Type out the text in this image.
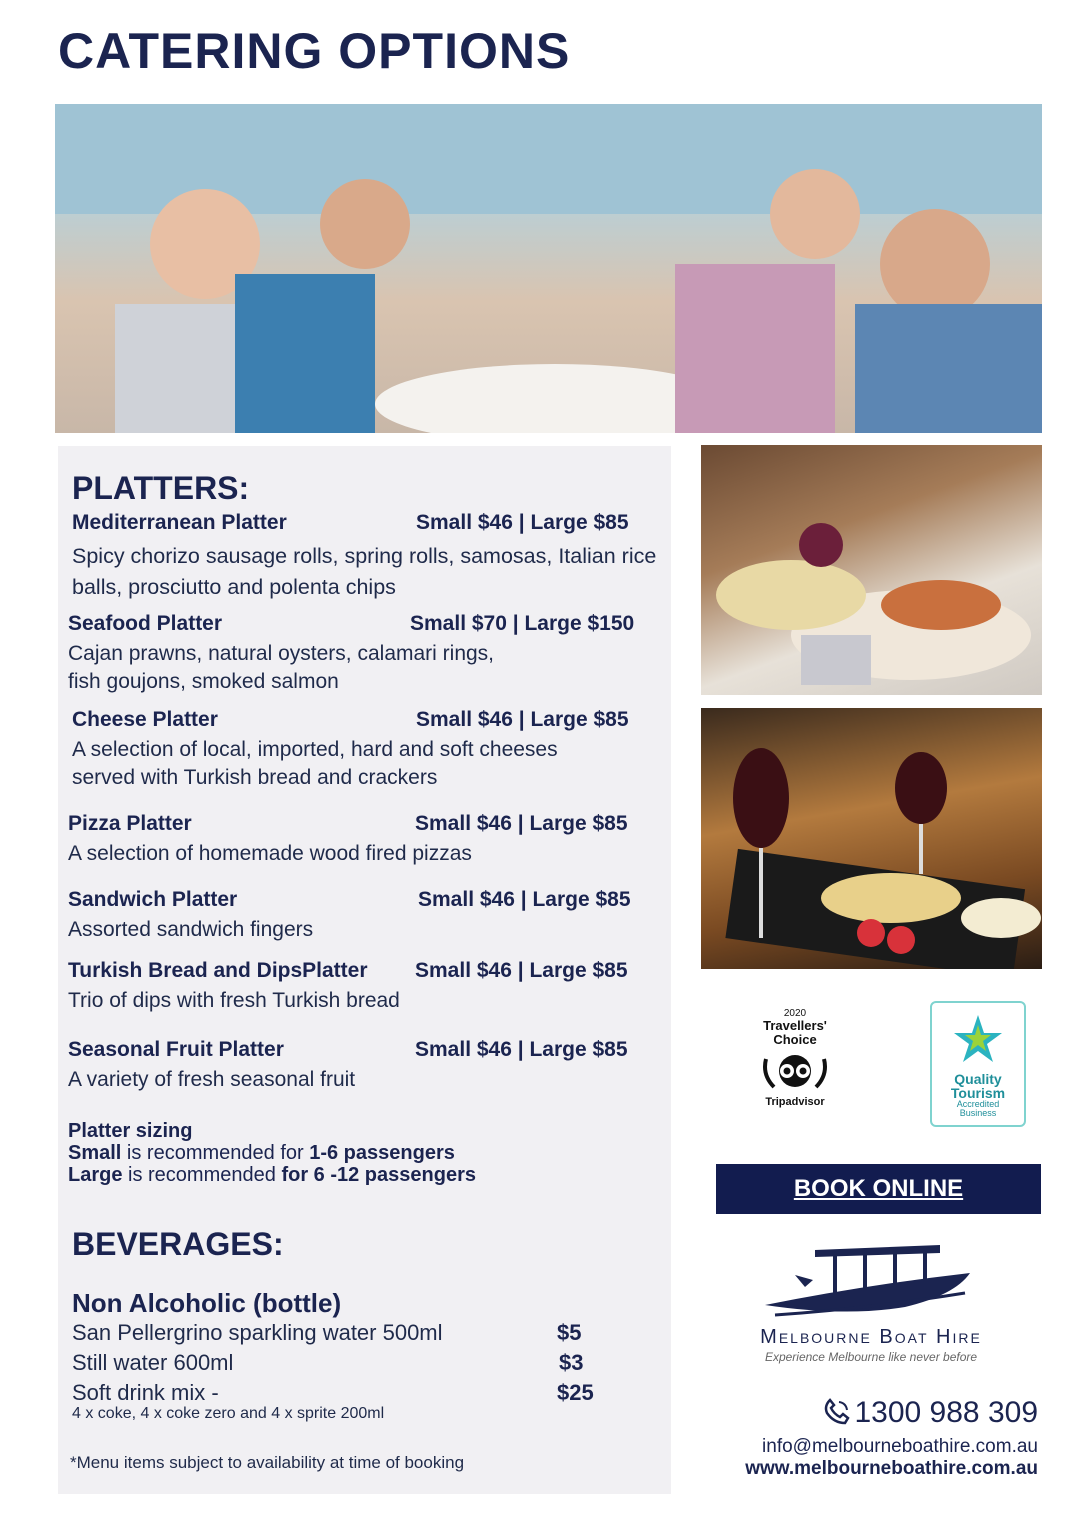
CATERING OPTIONS
PLATTERS:
Mediterranean Platter	Small $46 | Large $85
Spicy chorizo sausage rolls, spring rolls, samosas, Italian rice balls, prosciutto and polenta chips
Seafood Platter	Small $70 | Large $150
Cajan prawns, natural oysters, calamari rings,
fish goujons, smoked salmon
Cheese Platter	Small $46 | Large $85
A selection of local, imported, hard and soft cheeses
served with Turkish bread and crackers
Pizza Platter	Small $46 | Large $85
A selection of homemade wood fired pizzas
Sandwich Platter	Small $46 | Large $85
Assorted sandwich fingers
Turkish Bread and DipsPlatter Small $46 | Large $85
Trio of dips with fresh Turkish bread
Seasonal Fruit Platter	Small $46 | Large $85
A variety of fresh seasonal fruit
Platter sizing
Small is recommended for 1-6 passengers
Large is recommended for 6 -12 passengers
BEVERAGES:
Non Alcoholic (bottle)
San Pellergrino sparkling water 500ml	$5
Still water 600ml	$3
Soft drink mix -	$25
4 x coke, 4 x coke zero and 4 x sprite 200ml
*Menu items subject to availability at time of booking
2020
Travellers'
Choice
Tripadvisor
Quality
Tourism
Accredited
Business
BOOK ONLINE
Melbourne Boat Hire
Experience Melbourne like never before
1300 988 309
info@melbourneboathire.com.au
www.melbourneboathire.com.au
